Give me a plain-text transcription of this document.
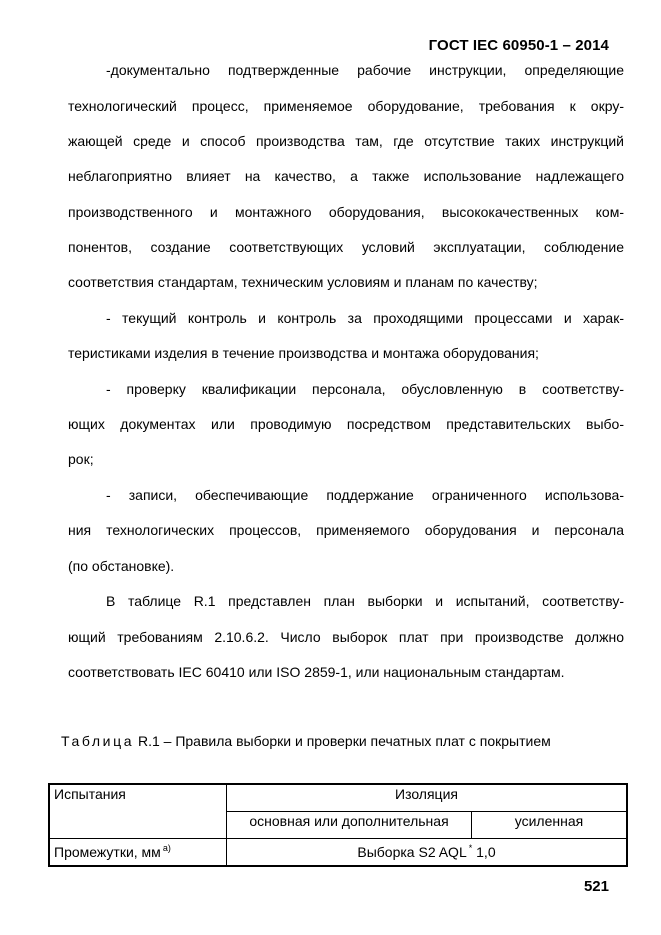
ГОСТ IEC 60950-1 – 2014
-документально подтвержденные рабочие инструкции, определяющие
технологический процесс, применяемое оборудование, требования к окру-
жающей среде и способ производства там, где отсутствие таких инструкций
неблагоприятно влияет на качество, а также использование надлежащего
производственного и монтажного оборудования, высококачественных ком-
понентов, создание соответствующих условий эксплуатации, соблюдение
соответствия стандартам, техническим условиям и планам по качеству;
- текущий контроль и контроль за проходящими процессами и харак-
теристиками изделия в течение производства и монтажа оборудования;
- проверку квалификации персонала, обусловленную в соответству-
ющих документах или проводимую посредством представительских выбо-
рок;
- записи, обеспечивающие поддержание ограниченного использова-
ния технологических процессов, применяемого оборудования и персонала
(по обстановке).
В таблице R.1 представлен план выборки и испытаний, соответству-
ющий требованиям 2.10.6.2. Число выборок плат при производстве должно
соответствовать IEC 60410 или ISO 2859-1, или национальным стандартам.
Таблица R.1 – Правила выборки и проверки печатных плат с покрытием
Испытания	Изоляция	
	основная или дополнительная	усиленная
Промежутки, мм $^{а)}$	Выборка S2 AQL * 1,0	
521
